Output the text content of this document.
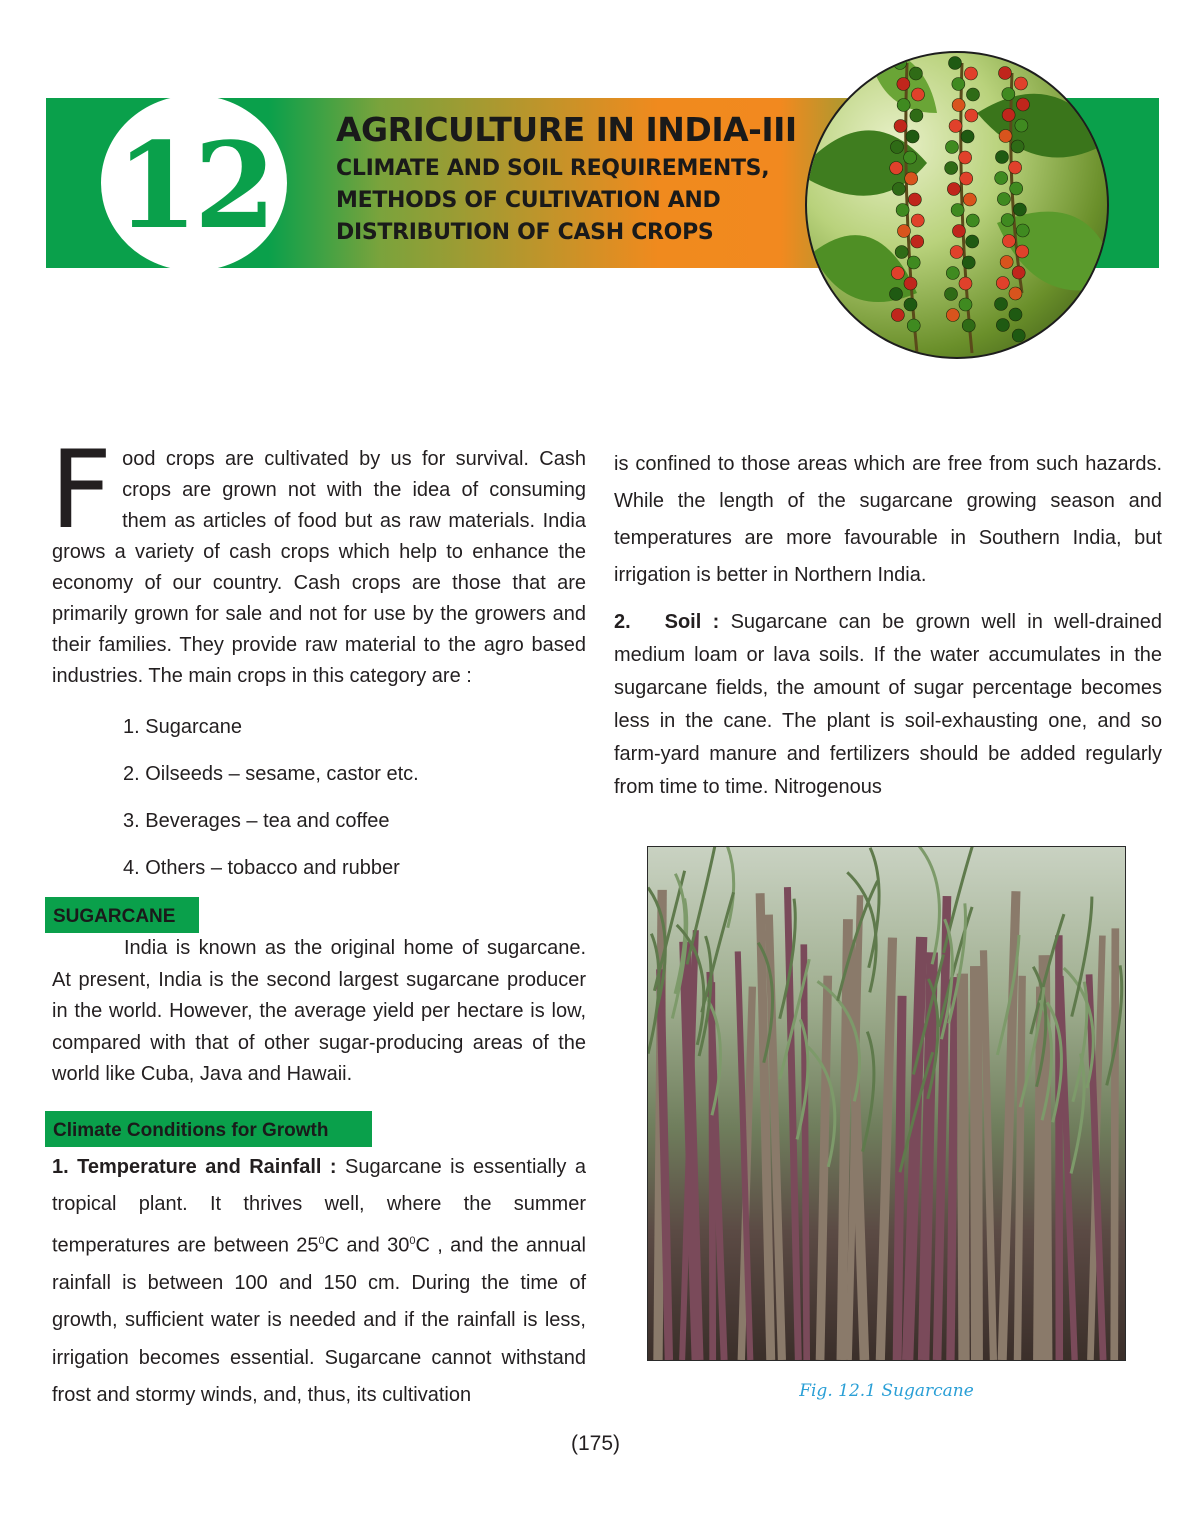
12 AGRICULTURE IN INDIA-III
CLIMATE AND SOIL REQUIREMENTS,
METHODS OF CULTIVATION AND
DISTRIBUTION OF CASH CROPS
Food crops are cultivated by us for survival. Cash crops are grown not with the idea of consuming them as articles of food but as raw materials. India grows a variety of cash crops which help to enhance the economy of our country. Cash crops are those that are primarily grown for sale and not for use by the growers and their families. They provide raw material to the agro based industries. The main crops in this category are :
1. Sugarcane
2. Oilseeds – sesame, castor etc.
3. Beverages – tea and coffee
4. Others – tobacco and rubber
SUGARCANE
India is known as the original home of sugarcane. At present, India is the second largest sugarcane producer in the world. However, the average yield per hectare is low, compared with that of other sugar-producing areas of the world like Cuba, Java and Hawaii.
Climate Conditions for Growth
1. Temperature and Rainfall : Sugarcane is essentially a tropical plant. It thrives well, where the summer temperatures are between $25^0C$ and $30^0C$ , and the annual rainfall is between 100 and 150 cm. During the time of growth, sufficient water is needed and if the rainfall is less, irrigation becomes essential. Sugarcane cannot withstand frost and stormy winds, and, thus, its cultivation
is confined to those areas which are free from such hazards. While the length of the sugarcane growing season and temperatures are more favourable in Southern India, but irrigation is better in Northern India.
2.   Soil : Sugarcane can be grown well in well-drained medium loam or lava soils. If the water accumulates in the sugarcane fields, the amount of sugar percentage becomes less in the cane. The plant is soil-exhausting one, and so farm-yard manure and fertilizers should be added regularly from time to time. Nitrogenous
Fig. 12.1 Sugarcane
(175)
